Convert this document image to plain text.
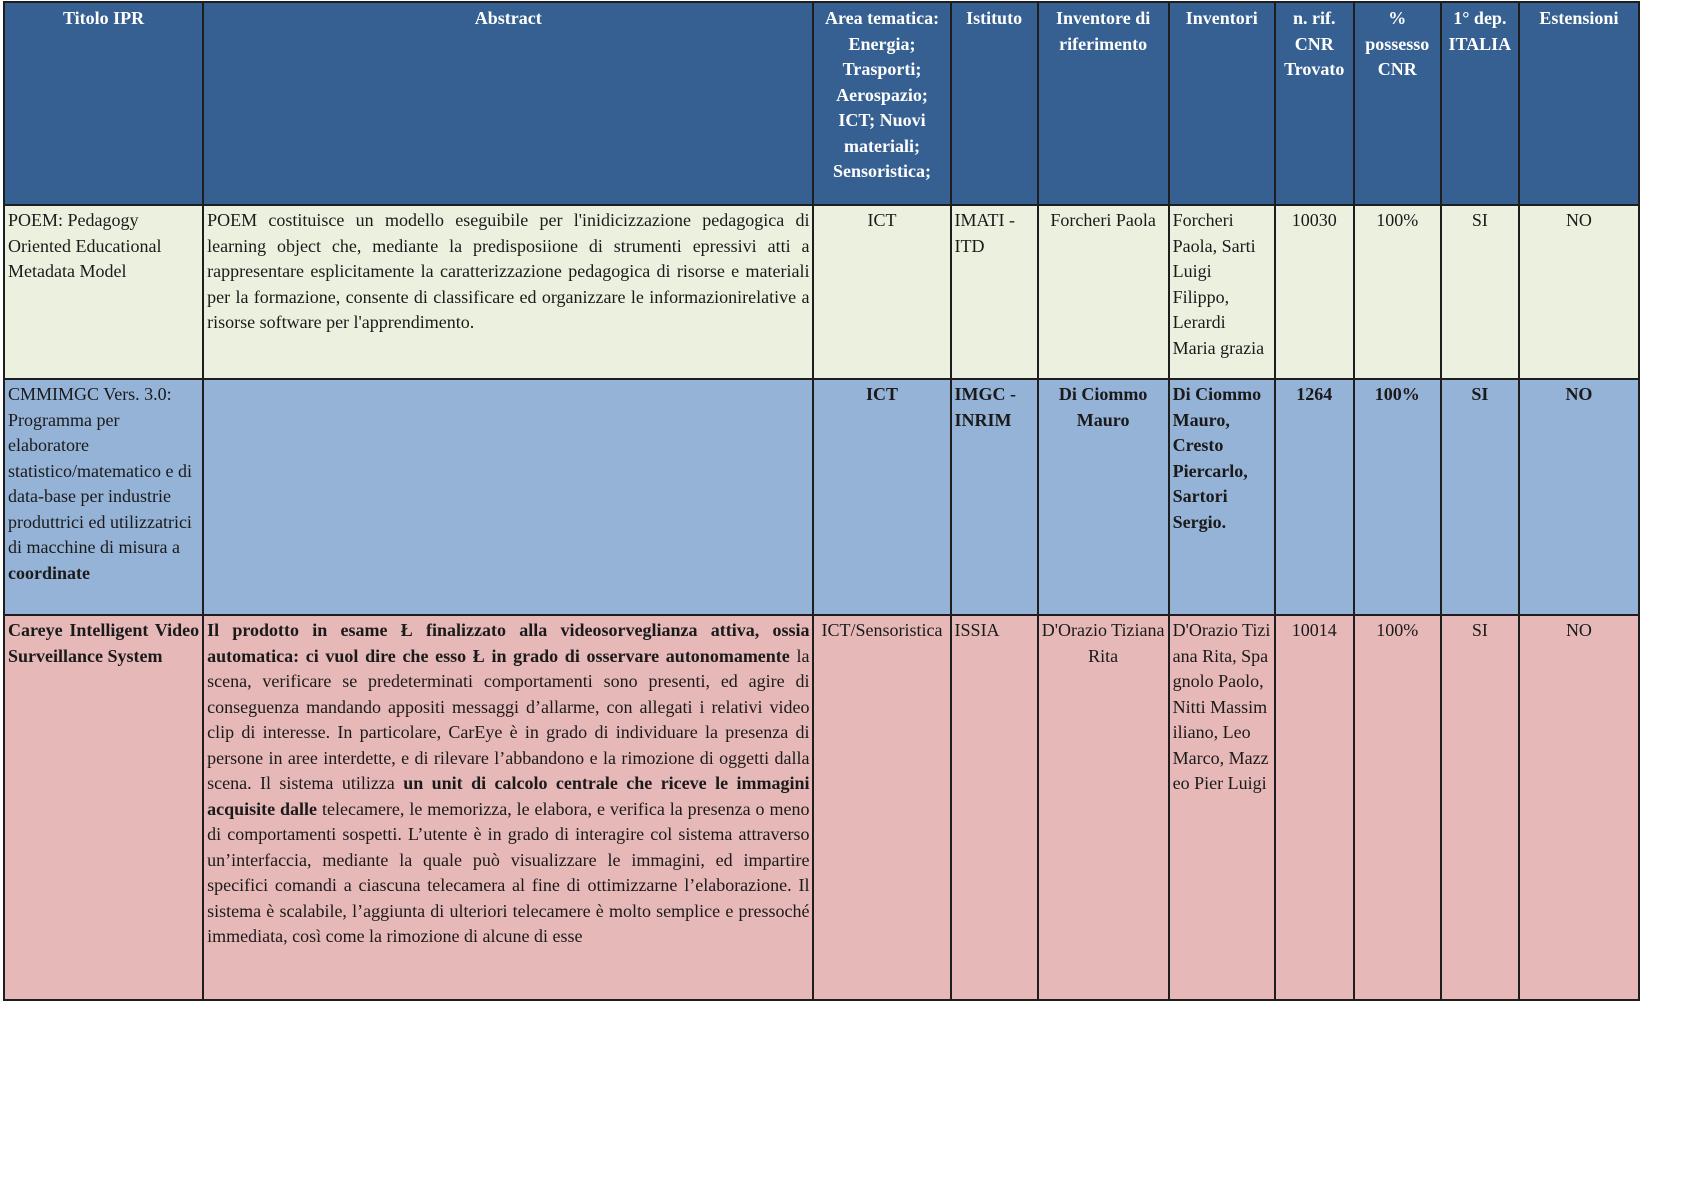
Titolo IPR	Abstract	Area tematica: Energia; Trasporti; Aerospazio; ICT; Nuovi materiali; Sensoristica;	Istituto	Inventore di riferimento	Inventori	n. rif. CNR Trovato	% possesso CNR	1° dep. ITALIA	Estensioni
POEM: Pedagogy Oriented Educational Metadata Model	POEM costituisce un modello eseguibile per l'inidicizzazione pedagogica di learning object che, mediante la predisposiione di strumenti epressivi atti a rappresentare esplicitamente la caratterizzazione pedagogica di risorse e materiali per la formazione, consente di classificare ed organizzare le informazionirelative a risorse software per l'apprendimento.	ICT	IMATI - ITD	Forcheri Paola	Forcheri Paola, Sarti Luigi Filippo, Lerardi Maria grazia	10030	100%	SI	NO
CMMIMGC Vers. 3.0: Programma per elaboratore statistico/matematico e di data-base per industrie produttrici ed utilizzatrici di macchine di misura a coordinate		ICT	IMGC - INRIM	Di Ciommo Mauro	Di Ciommo Mauro, Cresto Piercarlo, Sartori Sergio.	1264	100%	SI	NO
Careye Intelligent Video Surveillance System	Il prodotto in esame Ł finalizzato alla videosorveglianza attiva, ossia automatica: ci vuol dire che esso Ł in grado di osservare autonomamente la scena, verificare se predeterminati comportamenti sono presenti, ed agire di conseguenza mandando appositi messaggi d’allarme, con allegati i relativi video clip di interesse. In particolare, CarEye è in grado di individuare la presenza di persone in aree interdette, e di rilevare l’abbandono e la rimozione di oggetti dalla scena. Il sistema utilizza un unit di calcolo centrale che riceve le immagini acquisite dalle telecamere, le memorizza, le elabora, e verifica la presenza o meno di comportamenti sospetti. L’utente è in grado di interagire col sistema attraverso un’interfaccia, mediante la quale può visualizzare le immagini, ed impartire specifici comandi a ciascuna telecamera al fine di ottimizzarne l’elaborazione. Il sistema è scalabile, l’aggiunta di ulteriori telecamere è molto semplice e pressoché immediata, così come la rimozione di alcune di esse	ICT/Sensoristica	ISSIA	D'Orazio Tiziana Rita	D'Orazio Tiziana Rita, Spagnolo Paolo, Nitti Massimiliano, Leo Marco, Mazzeo Pier Luigi	10014	100%	SI	NO
